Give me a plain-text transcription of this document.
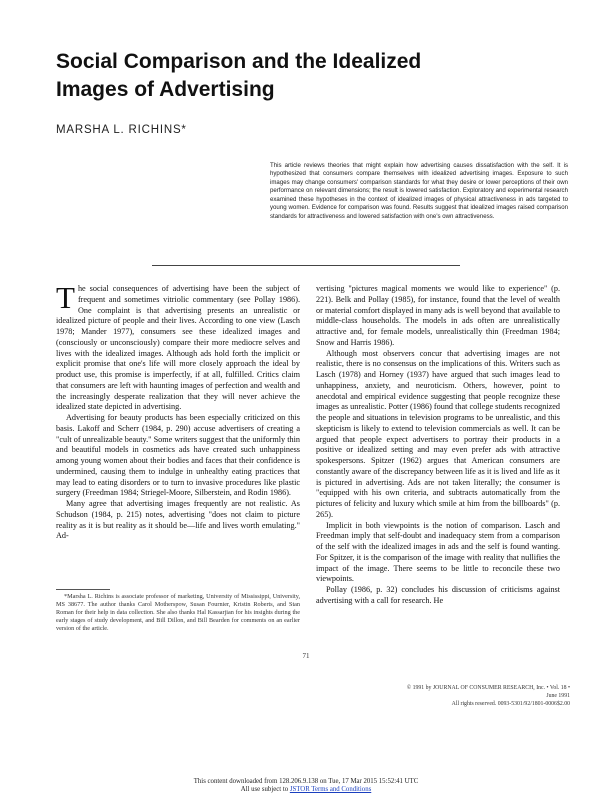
Social Comparison and the Idealized
Images of Advertising
MARSHA L. RICHINS*
This article reviews theories that might explain how advertising causes dissatisfaction with the self. It is hypothesized that consumers compare themselves with idealized advertising images. Exposure to such images may change consumers' comparison standards for what they desire or lower perceptions of their own performance on relevant dimensions; the result is lowered satisfaction. Exploratory and experimental research examined these hypotheses in the context of idealized images of physical attractiveness in ads targeted to young women. Evidence for comparison was found. Results suggest that idealized images raised comparison standards for attractiveness and lowered satisfaction with one's own attractiveness.

The social consequences of advertising have been the subject of frequent and sometimes vitriolic commentary (see Pollay 1986). One complaint is that advertising presents an unrealistic or idealized picture of people and their lives. According to one view (Lasch 1978; Mander 1977), consumers see these idealized images and (consciously or unconsciously) compare their more mediocre selves and lives with the idealized images. Although ads hold forth the implicit or explicit promise that one's life will more closely approach the ideal by product use, this promise is imperfectly, if at all, fulfilled. Critics claim that consumers are left with haunting images of perfection and wealth and the increasingly desperate realization that they will never achieve the idealized state depicted in advertising.

Advertising for beauty products has been especially criticized on this basis. Lakoff and Scherr (1984, p. 290) accuse advertisers of creating a "cult of unrealizable beauty." Some writers suggest that the uniformly thin and beautiful models in cosmetics ads have created such unhappiness among young women about their bodies and faces that their confidence is undermined, causing them to indulge in unhealthy eating practices that may lead to eating disorders or to turn to invasive procedures like plastic surgery (Freedman 1984; Striegel-Moore, Silberstein, and Rodin 1986).

Many agree that advertising images frequently are not realistic. As Schudson (1984, p. 215) notes, advertising "does not claim to picture reality as it is but reality as it should be—life and lives worth emulating." Ad-

vertising "pictures magical moments we would like to experience" (p. 221). Belk and Pollay (1985), for instance, found that the level of wealth or material comfort displayed in many ads is well beyond that available to middle-class households. The models in ads often are unrealistically attractive and, for female models, unrealistically thin (Freedman 1984; Snow and Harris 1986).

Although most observers concur that advertising images are not realistic, there is no consensus on the implications of this. Writers such as Lasch (1978) and Horney (1937) have argued that such images lead to unhappiness, anxiety, and neuroticism. Others, however, point to anecdotal and empirical evidence suggesting that people recognize these images as unrealistic. Potter (1986) found that college students recognized the people and situations in television programs to be unrealistic, and this skepticism is likely to extend to television commercials as well. It can be argued that people expect advertisers to portray their products in a positive or idealized setting and may even prefer ads with attractive spokespersons. Spitzer (1962) argues that American consumers are constantly aware of the discrepancy between life as it is lived and life as it is pictured in advertising. Ads are not taken literally; the consumer is "equipped with his own criteria, and subtracts automatically from the pictures of felicity and luxury which smile at him from the billboards" (p. 265).

Implicit in both viewpoints is the notion of comparison. Lasch and Freedman imply that self-doubt and inadequacy stem from a comparison of the self with the idealized images in ads and the self is found wanting. For Spitzer, it is the comparison of the image with reality that nullifies the impact of the image. There seems to be little to reconcile these two viewpoints.

Pollay (1986, p. 32) concludes his discussion of criticisms against advertising with a call for research. He

*Marsha L. Richins is associate professor of marketing, University of Mississippi, University, MS 38677. The author thanks Carol Motherspow, Susan Fournier, Kristin Roberts, and Stan Roman for their help in data collection. She also thanks Hal Kassarjian for his insights during the early stages of study development, and Bill Dillon, and Bill Bearden for comments on an earlier version of the article.
71
© 1991 by JOURNAL OF CONSUMER RESEARCH, Inc. • Vol. 18 • June 1991
All rights reserved. 0093-5301/92/1801-0006$2.00
This content downloaded from 128.206.9.138 on Tue, 17 Mar 2015 15:52:41 UTC
All use subject to JSTOR Terms and Conditions
